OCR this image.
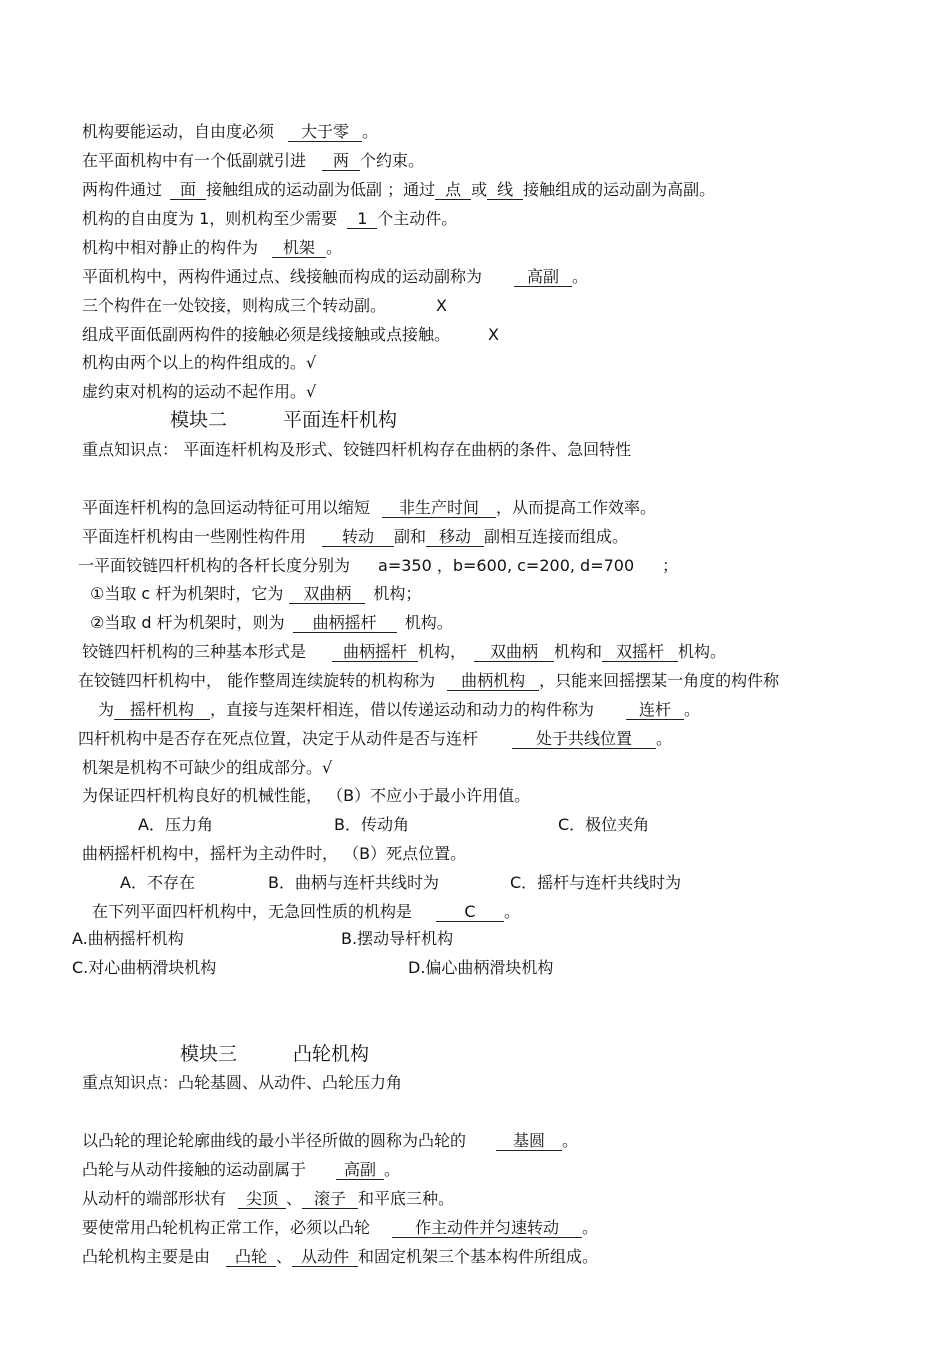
机构要能运动，自由度必须 大于零 。
在平面机构中有一个低副就引进 两 个约束。
两构件通过 面 接触组成的运动副为低副 ；通过 点 或 线 接触组成的运动副为高副。
机构的自由度为 1，则机构至少需要 1 个主动件。
机构中相对静止的构件为 机架 。
平面机构中，两构件通过点、线接触而构成的运动副称为	高副 。
三个构件在一处铰接，则构成三个转动副。	X
组成平面低副两构件的接触必须是线接触或点接触。 X
机构由两个以上的构件组成的。√
虚约束对机构的运动不起作用。√
模块二	平面连杆机构
重点知识点： 平面连杆机构及形式、铰链四杆机构存在曲柄的条件、急回特性
平面连杆机构的急回运动特征可用以缩短 非生产时间 ，从而提高工作效率。
平面连杆机构由一些刚性构件用 转动 副和 移动 副相互连接而组成。
一平面铰链四杆机构的各杆长度分别为 a=350 ，b=600, c=200, d=700 ；
①当取 c 杆为机架时，它为 双曲柄 机构；
②当取 d 杆为机架时，则为 曲柄摇杆 机构。
铰链四杆机构的三种基本形式是 曲柄摇杆 机构， 双曲柄 机构和 双摇杆 机构。
在铰链四杆机构中， 能作整周连续旋转的机构称为 曲柄机构 ，只能来回摇摆某一角度的构件称
为 摇杆机构 ，直接与连架杆相连，借以传递运动和动力的构件称为	连杆 。
四杆机构中是否存在死点位置，决定于从动件是否与连杆	处于共线位置 。
机架是机构不可缺少的组成部分。√
为保证四杆机构良好的机械性能， （B）不应小于最小许用值。
A．压力角	B．传动角	C．极位夹角
曲柄摇杆机构中，摇杆为主动件时， （B）死点位置。
A．不存在	B．曲柄与连杆共线时为	C．摇杆与连杆共线时为
在下列平面四杆机构中，无急回性质的机构是	C 。
A.曲柄摇杆机构	B.摆动导杆机构
C.对心曲柄滑块机构	D.偏心曲柄滑块机构
模块三	凸轮机构
重点知识点：凸轮基圆、从动件、凸轮压力角
以凸轮的理论轮廓曲线的最小半径所做的圆称为凸轮的	基圆 。
凸轮与从动件接触的运动副属于 高副 。
从动杆的端部形状有 尖顶 、 滚子 和平底三种。
要使常用凸轮机构正常工作，必须以凸轮	作主动件并匀速转动 。
凸轮机构主要是由 凸轮 、 从动件 和固定机架三个基本构件所组成。
